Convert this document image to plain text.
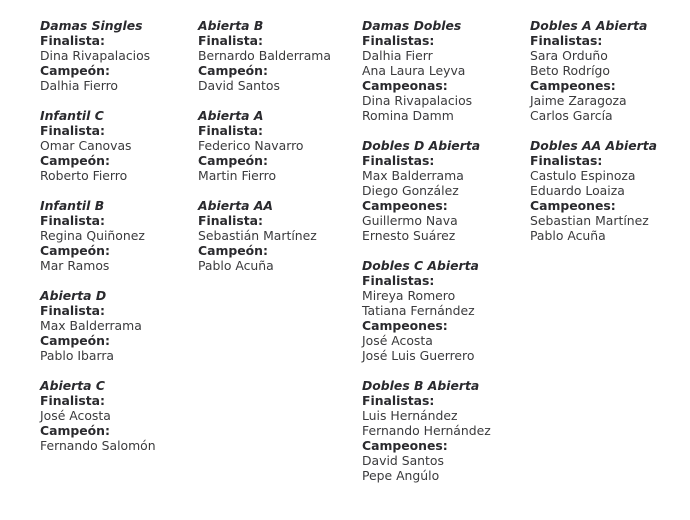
Damas Singles
Finalista:
Dina Rivapalacios
Campeón:
Dalhia Fierro
Infantil C
Finalista:
Omar Canovas
Campeón:
Roberto Fierro
Infantil B
Finalista:
Regina Quiñonez
Campeón:
Mar Ramos
Abierta D
Finalista:
Max Balderrama
Campeón:
Pablo Ibarra
Abierta C
Finalista:
José Acosta
Campeón:
Fernando Salomón
Abierta B
Finalista:
Bernardo Balderrama
Campeón:
David Santos
Abierta A
Finalista:
Federico Navarro
Campeón:
Martin Fierro
Abierta AA
Finalista:
Sebastián Martínez
Campeón:
Pablo Acuña
Damas Dobles
Finalistas:
Dalhia Fierr
Ana Laura Leyva
Campeonas:
Dina Rivapalacios
Romina Damm
Dobles D Abierta
Finalistas:
Max Balderrama
Diego González
Campeones:
Guillermo Nava
Ernesto Suárez
Dobles C Abierta
Finalistas:
Mireya Romero
Tatiana Fernández
Campeones:
José Acosta
José Luis Guerrero
Dobles B Abierta
Finalistas:
Luis Hernández
Fernando Hernández
Campeones:
David Santos
Pepe Angúlo
Dobles A Abierta
Finalistas:
Sara Orduño
Beto Rodrígo
Campeones:
Jaime Zaragoza
Carlos García
Dobles AA Abierta
Finalistas:
Castulo Espinoza
Eduardo Loaiza
Campeones:
Sebastian Martínez
Pablo Acuña
